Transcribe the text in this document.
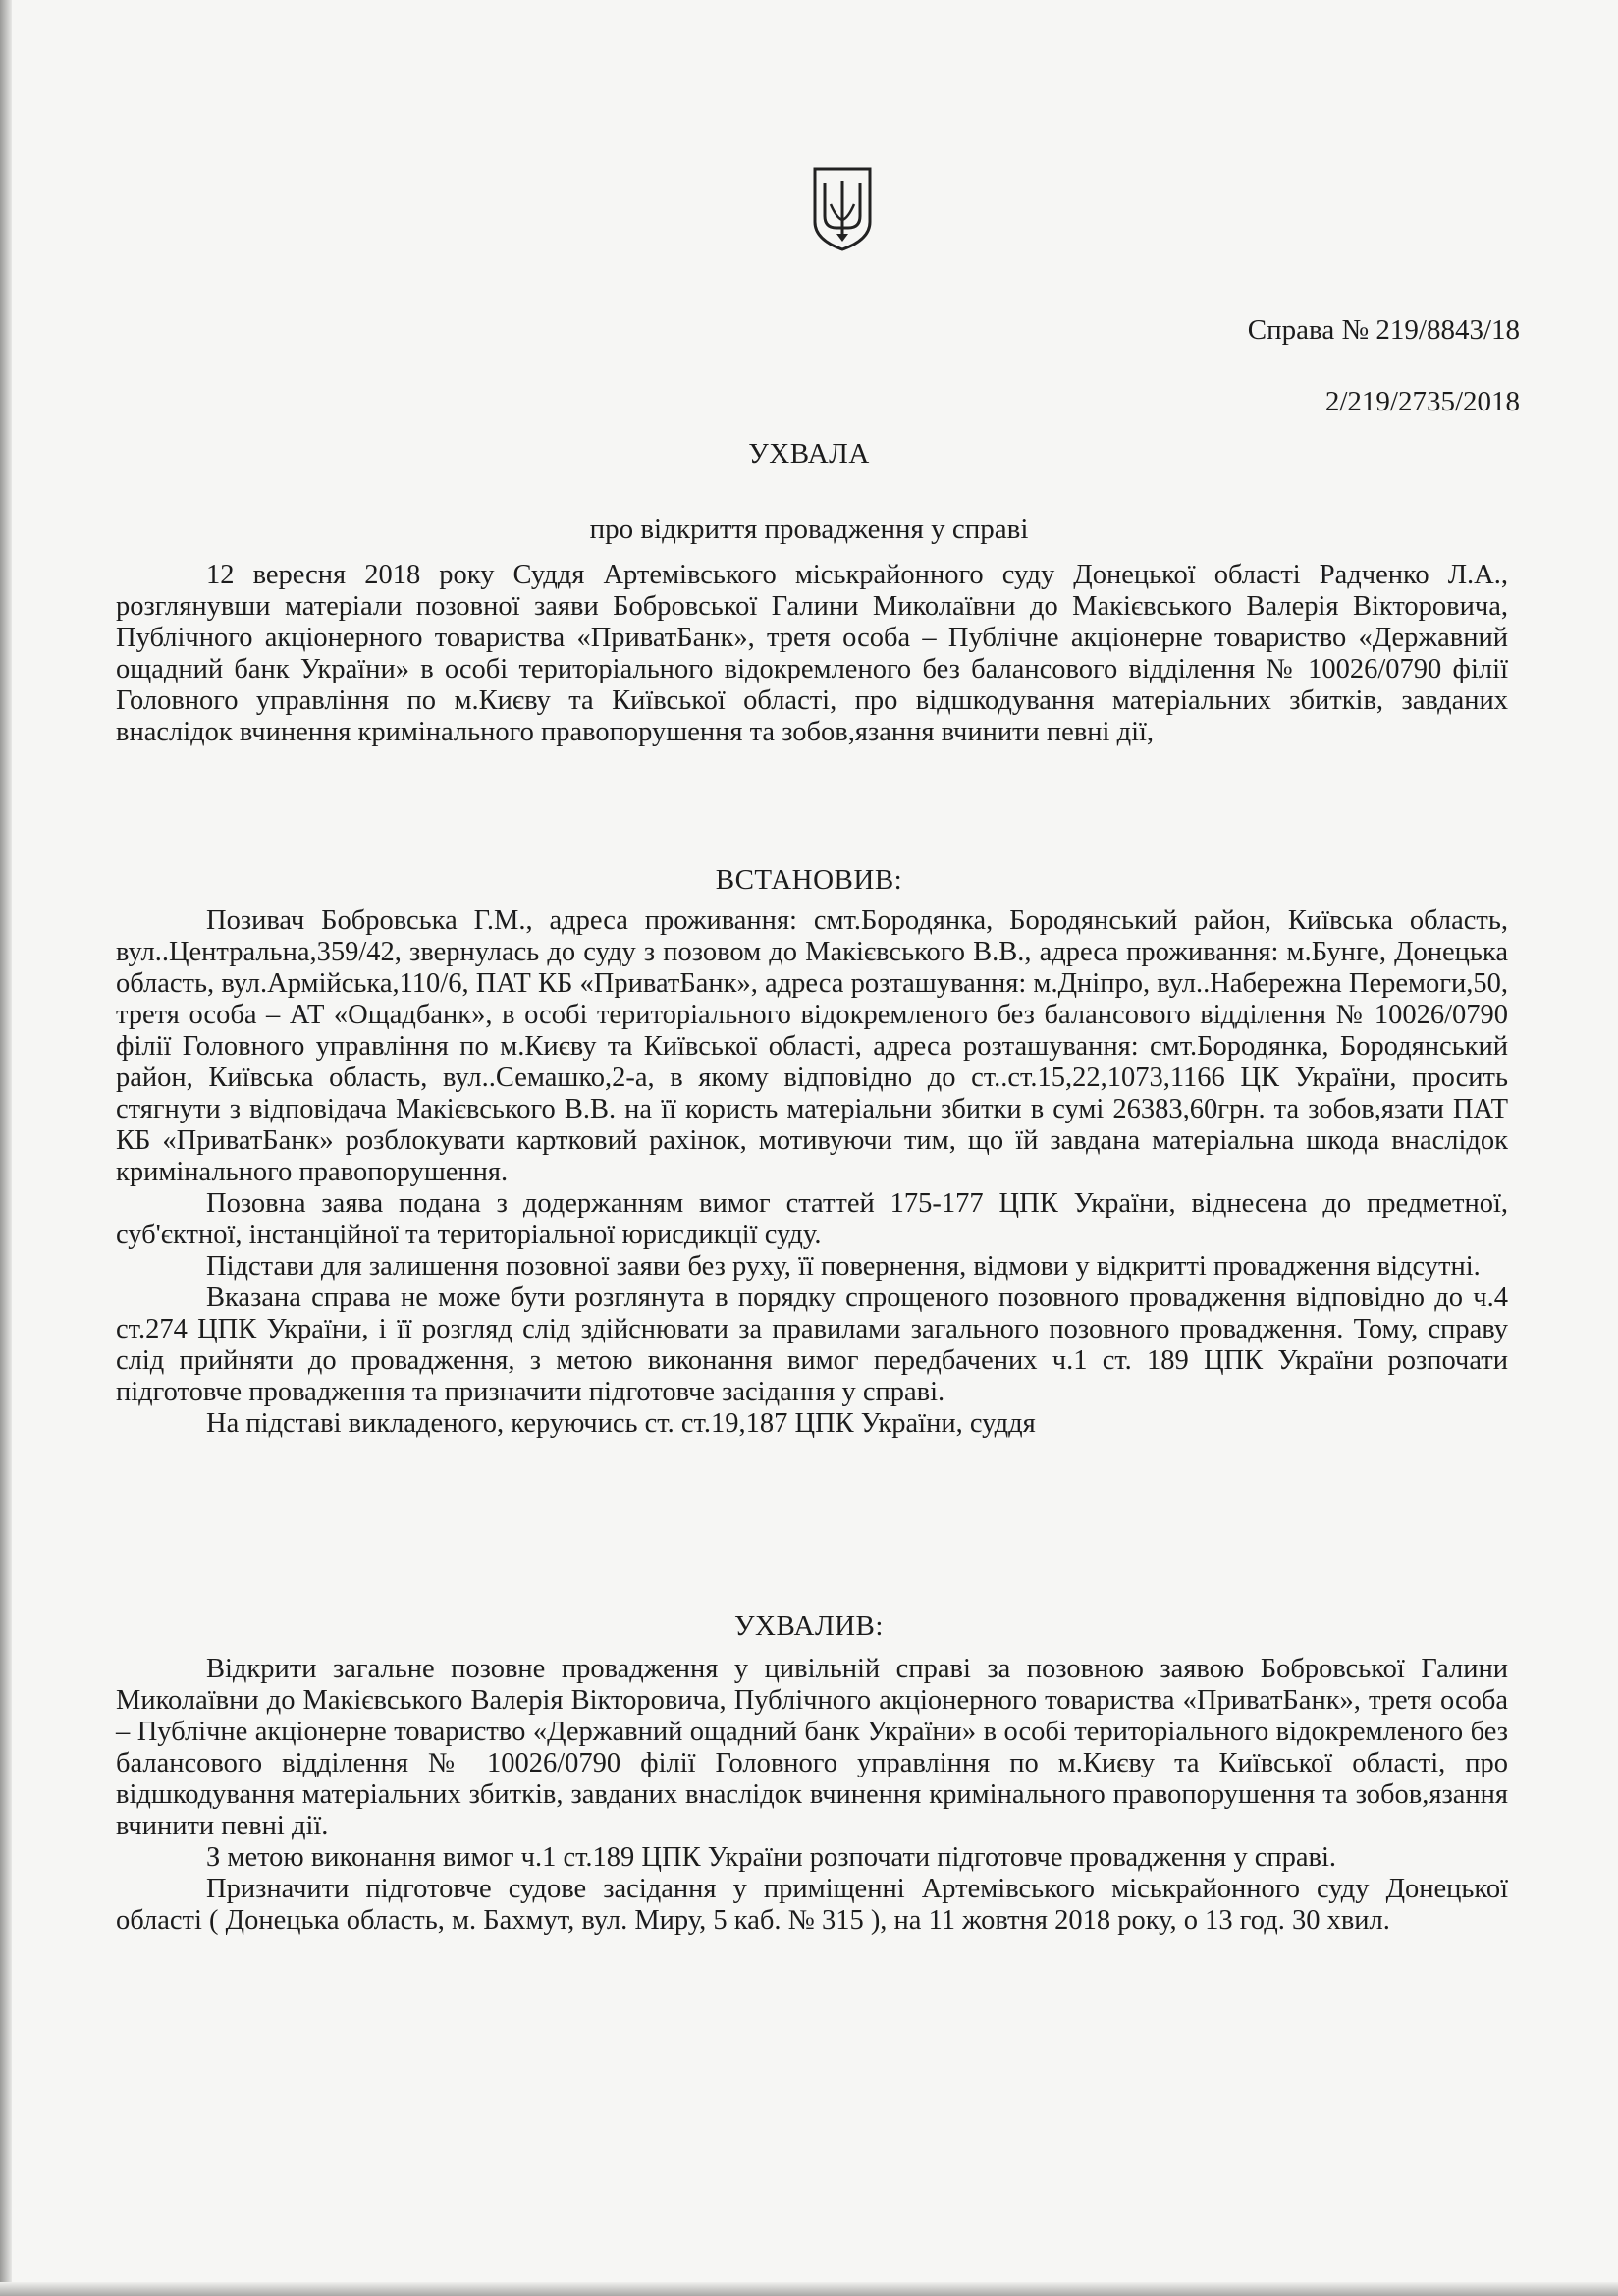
Справа № 219/8843/18
2/219/2735/2018
УХВАЛА
про відкриття провадження у справі

12 вересня 2018 року Суддя Артемівського міськрайонного суду Донецької області Радченко Л.А., розглянувши матеріали позовної заяви Бобровської Галини Миколаївни до Макієвського Валерія Вікторовича, Публічного акціонерного товариства «ПриватБанк», третя особа – Публічне акціонерне товариство «Державний ощадний банк України» в особі територіального відокремленого без балансового відділення № 10026/0790 філії Головного управління по м.Києву та Київської області, про відшкодування матеріальних збитків, завданих внаслідок вчинення кримінального правопорушення та зобов,язання вчинити певні дії,

ВСТАНОВИВ:

Позивач Бобровська Г.М., адреса проживання: смт.Бородянка, Бородянський район, Київська область, вул..Центральна,359/42, звернулась до суду з позовом до Макієвського В.В., адреса проживання: м.Бунге, Донецька область, вул.Армійська,110/6, ПАТ КБ «ПриватБанк», адреса розташування: м.Дніпро, вул..Набережна Перемоги,50, третя особа – АТ «Ощадбанк», в особі територіального відокремленого без балансового відділення № 10026/0790 філії Головного управління по м.Києву та Київської області, адреса розташування: смт.Бородянка, Бородянський район, Київська область, вул..Семашко,2-а, в якому відповідно до ст..ст.15,22,1073,1166 ЦК України, просить стягнути з відповідача Макієвського В.В. на її користь матеріальни збитки в сумі 26383,60грн. та зобов,язати ПАТ КБ «ПриватБанк» розблокувати картковий рахінок, мотивуючи тим, що їй завдана матеріальна шкода внаслідок кримінального правопорушення.

Позовна заява подана з додержанням вимог статтей 175-177 ЦПК України, віднесена до предметної, суб'єктної, інстанційної та територіальної юрисдикції суду.

Підстави для залишення позовної заяви без руху, її повернення, відмови у відкритті провадження відсутні.

Вказана справа не може бути розглянута в порядку спрощеного позовного провадження відповідно до ч.4 ст.274 ЦПК України, і її розгляд слід здійснювати за правилами загального позовного провадження. Тому, справу слід прийняти до провадження, з метою виконання вимог передбачених ч.1 ст. 189 ЦПК України розпочати підготовче провадження та призначити підготовче засідання у справі.

На підставі викладеного, керуючись ст. ст.19,187 ЦПК України, суддя

УХВАЛИВ:

Відкрити загальне позовне провадження у цивільній справі за позовною заявою Бобровської Галини Миколаївни до Макієвського Валерія Вікторовича, Публічного акціонерного товариства «ПриватБанк», третя особа – Публічне акціонерне товариство «Державний ощадний банк України» в особі територіального відокремленого без балансового відділення № 10026/0790 філії Головного управління по м.Києву та Київської області, про відшкодування матеріальних збитків, завданих внаслідок вчинення кримінального правопорушення та зобов,язання вчинити певні дії.

З метою виконання вимог ч.1 ст.189 ЦПК України розпочати підготовче провадження у справі.

Призначити підготовче судове засідання у приміщенні Артемівського міськрайонного суду Донецької області ( Донецька область, м. Бахмут, вул. Миру, 5 каб. № 315 ), на 11 жовтня 2018 року, о 13 год. 30 хвил.
